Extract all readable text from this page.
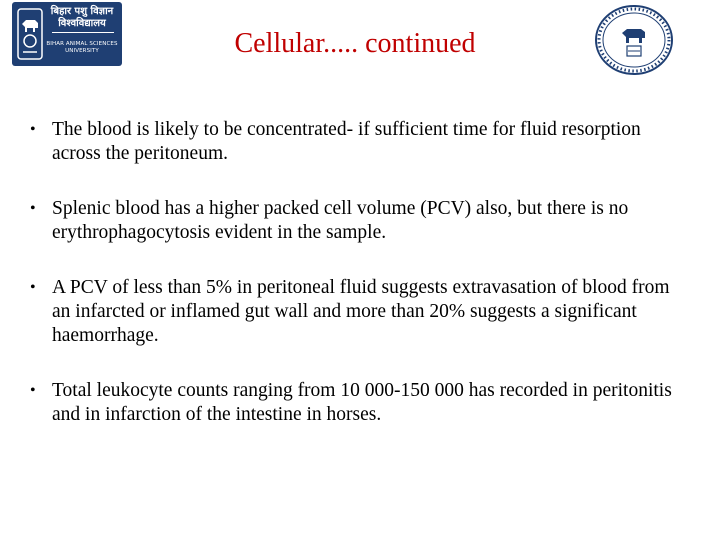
बिहार पशु विज्ञान
विश्वविद्यालय
BIHAR ANIMAL SCIENCES UNIVERSITY	Cellular..... continued
• The blood is likely to be concentrated- if sufficient time for fluid resorption across the peritoneum.
• Splenic blood has a higher packed cell volume (PCV) also, but there is no erythrophagocytosis evident in the sample.
• A PCV of less than 5% in peritoneal fluid suggests extravasation of blood from an infarcted or inflamed gut wall and more than 20% suggests a significant haemorrhage.
• Total leukocyte counts ranging from 10 000-150 000 has recorded in peritonitis and in infarction of the intestine in horses.
